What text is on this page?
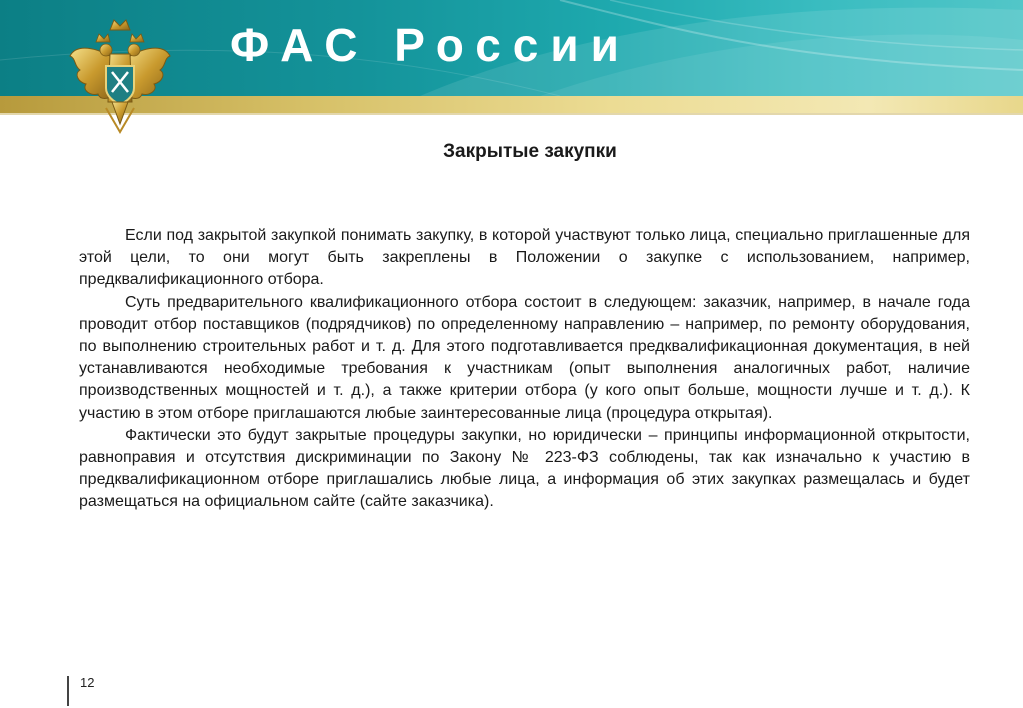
ФАС России
Закрытые закупки

Если под закрытой закупкой понимать закупку, в которой участвуют только лица, специально приглашенные для этой цели, то они могут быть закреплены в Положении о закупке с использованием, например, предквалификационного отбора.

Суть предварительного квалификационного отбора состоит в следующем: заказчик, например, в начале года проводит отбор поставщиков (подрядчиков) по определенному направлению – например, по ремонту оборудования, по выполнению строительных работ и т. д. Для этого подготавливается предквалификационная документация, в ней устанавливаются необходимые требования к участникам (опыт выполнения аналогичных работ, наличие производственных мощностей и т. д.), а также критерии отбора (у кого опыт больше, мощности лучше и т. д.). К участию в этом отборе приглашаются любые заинтересованные лица (процедура открытая).

Фактически это будут закрытые процедуры закупки, но юридически – принципы информационной открытости, равноправия и отсутствия дискриминации по Закону № 223-ФЗ соблюдены, так как изначально к участию в предквалификационном отборе приглашались любые лица, а информация об этих закупках размещалась и будет размещаться на официальном сайте (сайте заказчика).

12
